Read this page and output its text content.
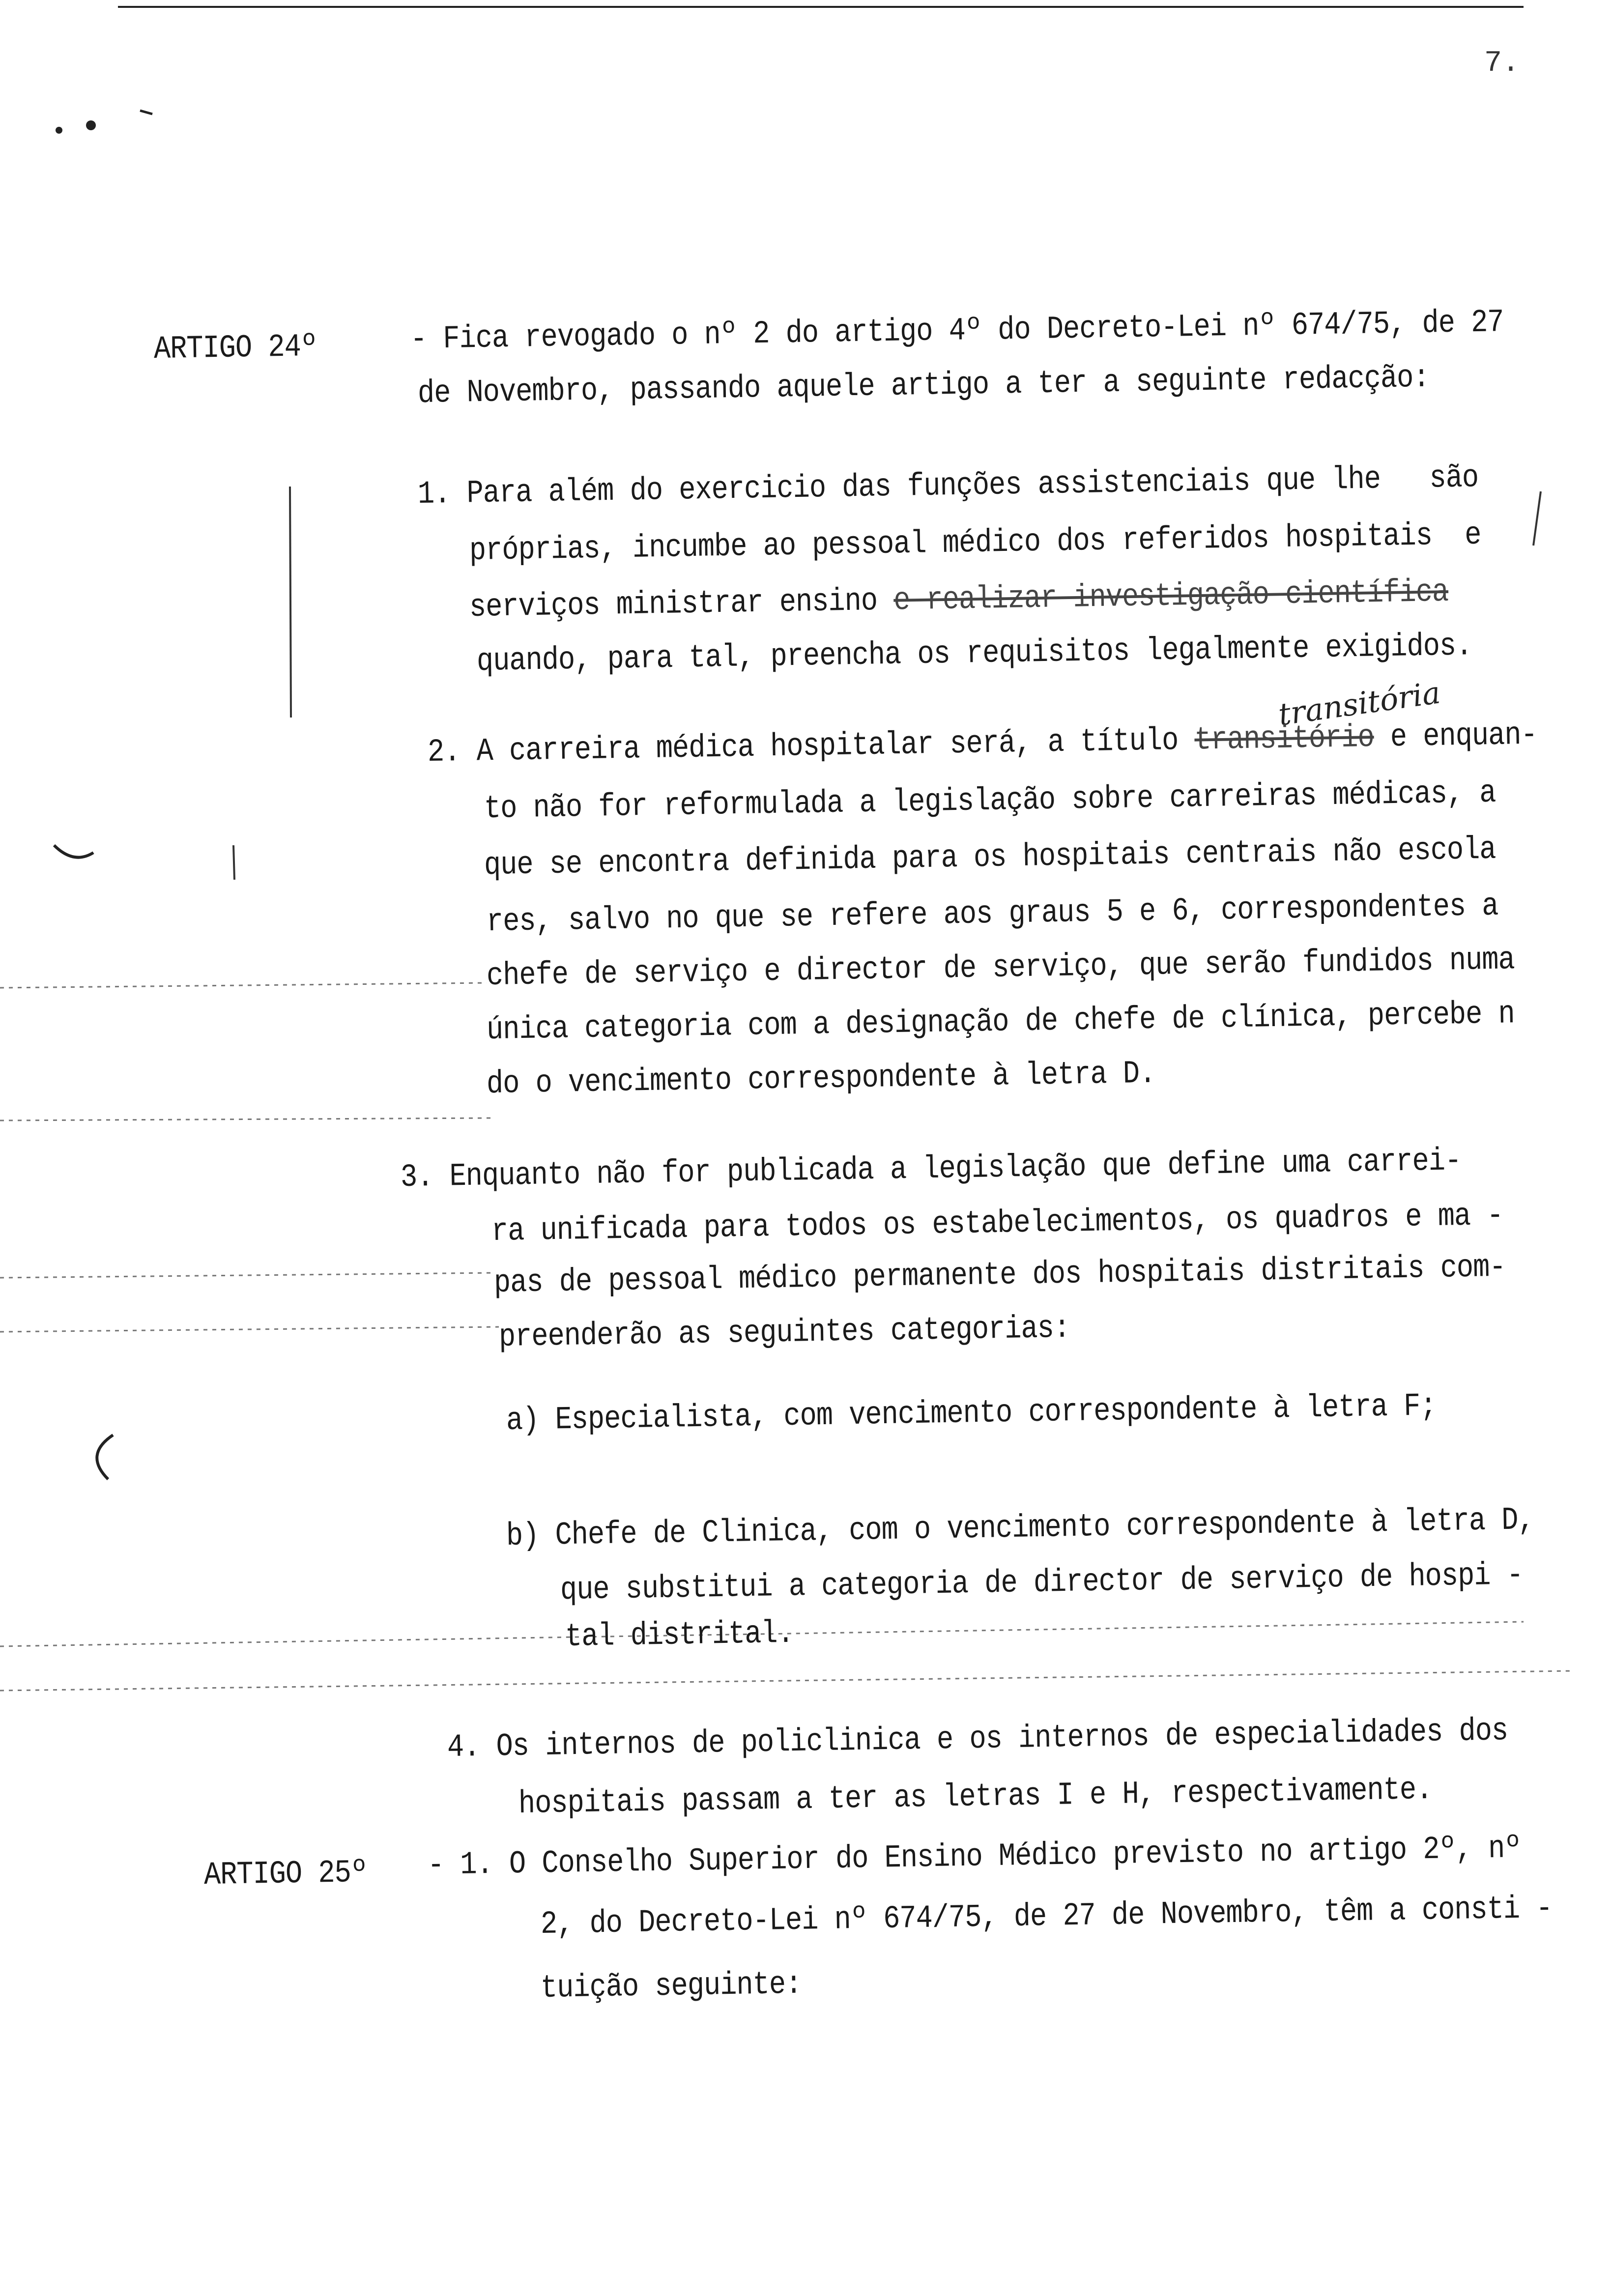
7.
ARTIGO 24º	- Fica revogado o nº 2 do artigo 4º do Decreto-Lei nº 674/75, de 27
de Novembro, passando aquele artigo a ter a seguinte redacção:
1. Para além do exercicio das funções assistenciais que lhe   são
próprias, incumbe ao pessoal médico dos referidos hospitais  e
serviços ministrar ensino e realizar investigação científica
quando, para tal, preencha os requisitos legalmente exigidos.
transitória
2. A carreira médica hospitalar será, a título transitório e enquan-
to não for reformulada a legislação sobre carreiras médicas, a
que se encontra definida para os hospitais centrais não escola
res, salvo no que se refere aos graus 5 e 6, correspondentes a
chefe de serviço e director de serviço, que serão fundidos numa
única categoria com a designação de chefe de clínica, percebe n
do o vencimento correspondente à letra D.
3. Enquanto não for publicada a legislação que define uma carrei-
ra unificada para todos os estabelecimentos, os quadros e ma -
pas de pessoal médico permanente dos hospitais distritais com-
preenderão as seguintes categorias:
a) Especialista, com vencimento correspondente à letra F;
b) Chefe de Clinica, com o vencimento correspondente à letra D,
que substitui a categoria de director de serviço de hospi -
tal distrital.
4. Os internos de policlinica e os internos de especialidades dos
hospitais passam a ter as letras I e H, respectivamente.
ARTIGO 25º - 1. O Conselho Superior do Ensino Médico previsto no artigo 2º, nº
2, do Decreto-Lei nº 674/75, de 27 de Novembro, têm a consti -
tuição seguinte:
